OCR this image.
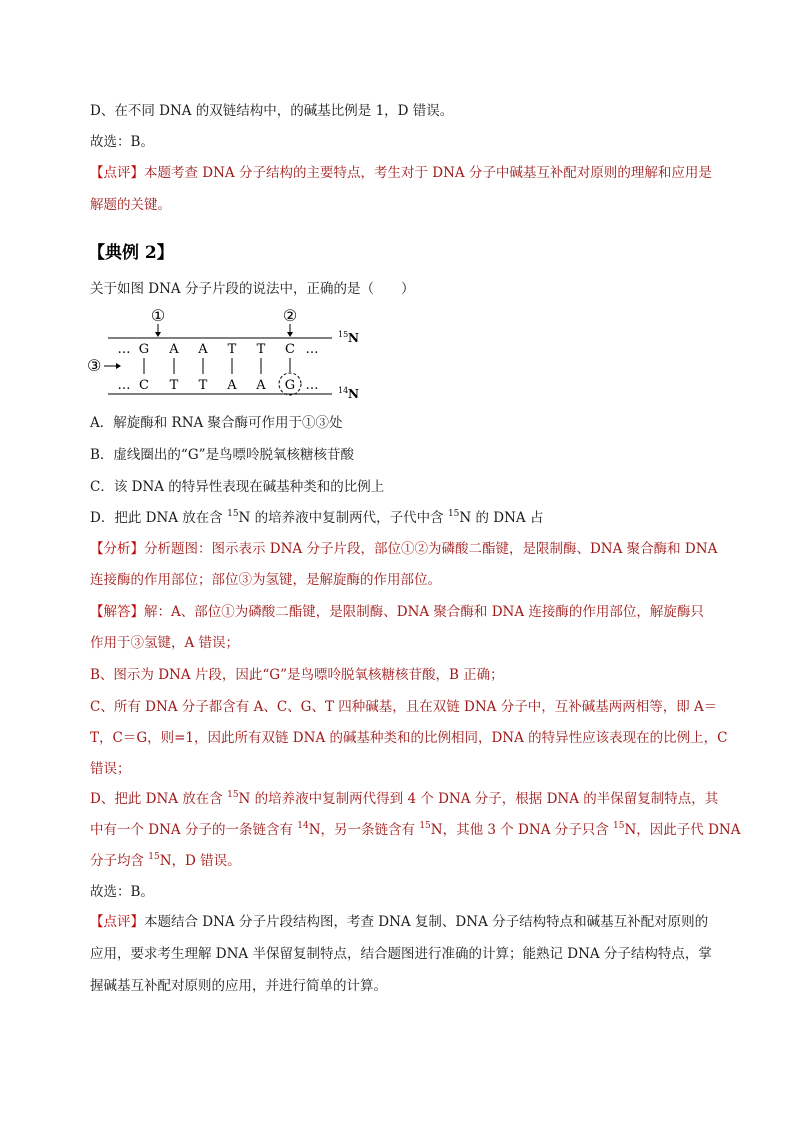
D、在不同 DNA 的双链结构中，的碱基比例是 1，D 错误。
故选：B。
【点评】本题考查 DNA 分子结构的主要特点，考生对于 DNA 分子中碱基互补配对原则的理解和应用是
解题的关键。
【典例 2】
关于如图 DNA 分子片段的说法中，正确的是（　　）
①	②
③
… G A A T T C …
… C T T A A G …
15 N
14 N
A．解旋酶和 RNA 聚合酶可作用于①③处
B．虚线圈出的“G”是鸟嘌呤脱氧核糖核苷酸
C．该 DNA 的特异性表现在碱基种类和的比例上
D．把此 DNA 放在含 $^{15}$N 的培养液中复制两代，子代中含 $^{15}$N 的 DNA 占
【分析】分析题图：图示表示 DNA 分子片段，部位①②为磷酸二酯键，是限制酶、DNA 聚合酶和 DNA
连接酶的作用部位；部位③为氢键，是解旋酶的作用部位。
【解答】解：A、部位①为磷酸二酯键，是限制酶、DNA 聚合酶和 DNA 连接酶的作用部位，解旋酶只
作用于③氢键，A 错误；
B、图示为 DNA 片段，因此“G”是鸟嘌呤脱氧核糖核苷酸，B 正确；
C、所有 DNA 分子都含有 A、C、G、T 四种碱基，且在双链 DNA 分子中，互补碱基两两相等，即 A＝
T，C＝G，则=1，因此所有双链 DNA 的碱基种类和的比例相同，DNA 的特异性应该表现在的比例上，C
错误；
D、把此 DNA 放在含 $^{15}$N 的培养液中复制两代得到 4 个 DNA 分子，根据 DNA 的半保留复制特点，其
中有一个 DNA 分子的一条链含有 $^{14}$N，另一条链含有 $^{15}$N，其他 3 个 DNA 分子只含 $^{15}$N，因此子代 DNA
分子均含 $^{15}$N，D 错误。
故选：B。
【点评】本题结合 DNA 分子片段结构图，考查 DNA 复制、DNA 分子结构特点和碱基互补配对原则的
应用，要求考生理解 DNA 半保留复制特点，结合题图进行准确的计算；能熟记 DNA 分子结构特点，掌
握碱基互补配对原则的应用，并进行简单的计算。
